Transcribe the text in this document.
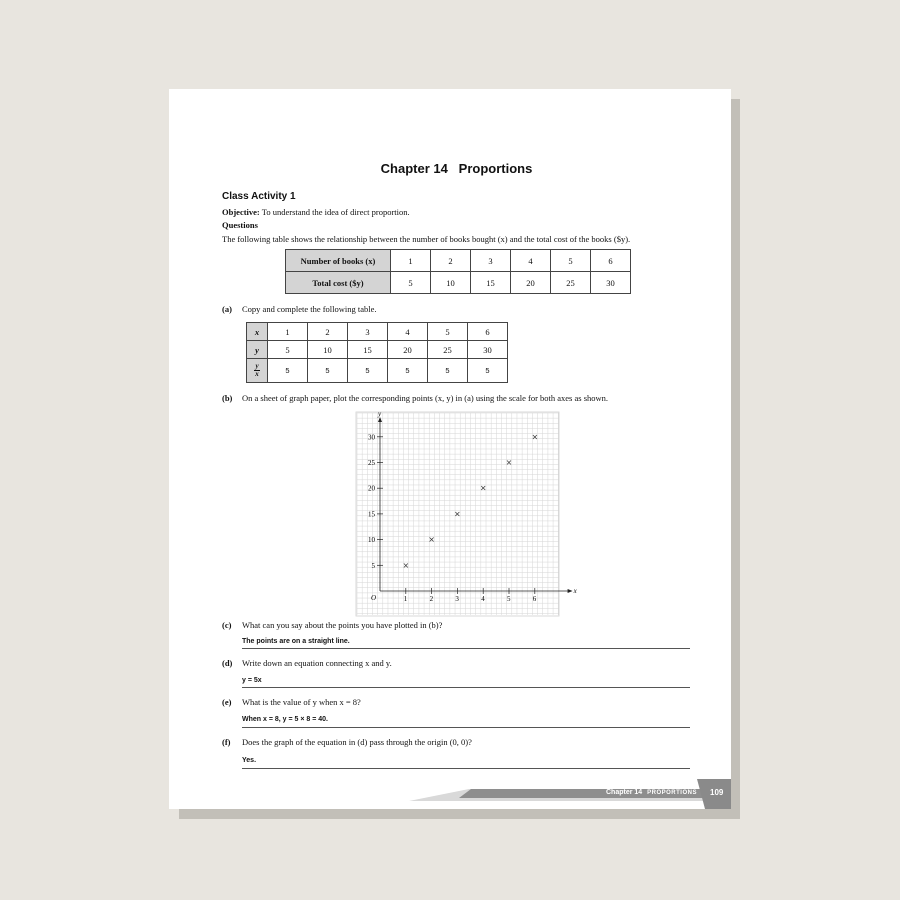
Chapter 14   Proportions
Class Activity 1
Objective: To understand the idea of direct proportion.
Questions
The following table shows the relationship between the number of books bought (x) and the total cost of the books ($y).
Number of books (x)	1	2	3	4	5	6
Total cost ($y)	5	10	15	20	25	30
(a) Copy and complete the following table.
x	1	2	3	4	5	6
y	5	10	15	20	25	30

y
x	5	5	5	5	5	5
(b) On a sheet of graph paper, plot the corresponding points (x, y) in (a) using the scale for both axes as shown.
x
y
O	1	2	3	4	5	6
5
10
15
20
25
30
×
×
×
×
×
×
(c) What can you say about the points you have plotted in (b)?
The points are on a straight line.
(d) Write down an equation connecting x and y.
y = 5x
(e) What is the value of y when x = 8?
When x = 8, y = 5 × 8 = 40.
(f) Does the graph of the equation in (d) pass through the origin (0, 0)?
Yes.
Chapter 14 PROPORTIONS 109
